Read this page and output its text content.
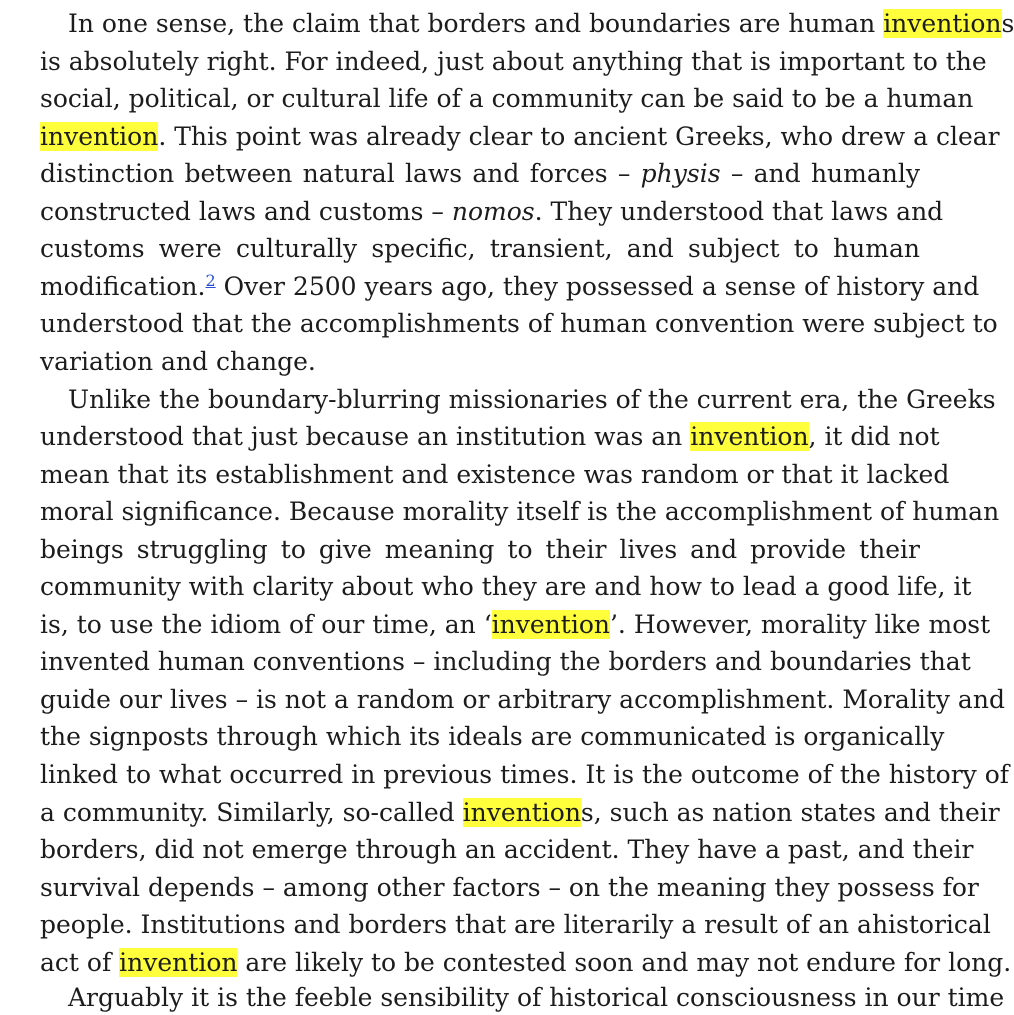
In one sense, the claim that borders and boundaries are human inventions
is absolutely right. For indeed, just about anything that is important to the
social, political, or cultural life of a community can be said to be a human
invention. This point was already clear to ancient Greeks, who drew a clear
distinction between natural laws and forces – physis – and humanly
constructed laws and customs – nomos. They understood that laws and
customs were culturally specific, transient, and subject to human
modification.$^2$ Over 2500 years ago, they possessed a sense of history and
understood that the accomplishments of human convention were subject to
variation and change.
Unlike the boundary-blurring missionaries of the current era, the Greeks
understood that just because an institution was an invention, it did not
mean that its establishment and existence was random or that it lacked
moral significance. Because morality itself is the accomplishment of human
beings struggling to give meaning to their lives and provide their
community with clarity about who they are and how to lead a good life, it
is, to use the idiom of our time, an ‘invention’. However, morality like most
invented human conventions – including the borders and boundaries that
guide our lives – is not a random or arbitrary accomplishment. Morality and
the signposts through which its ideals are communicated is organically
linked to what occurred in previous times. It is the outcome of the history of
a community. Similarly, so-called inventions, such as nation states and their
borders, did not emerge through an accident. They have a past, and their
survival depends – among other factors – on the meaning they possess for
people. Institutions and borders that are literarily a result of an ahistorical
act of invention are likely to be contested soon and may not endure for long.
Arguably it is the feeble sensibility of historical consciousness in our time
